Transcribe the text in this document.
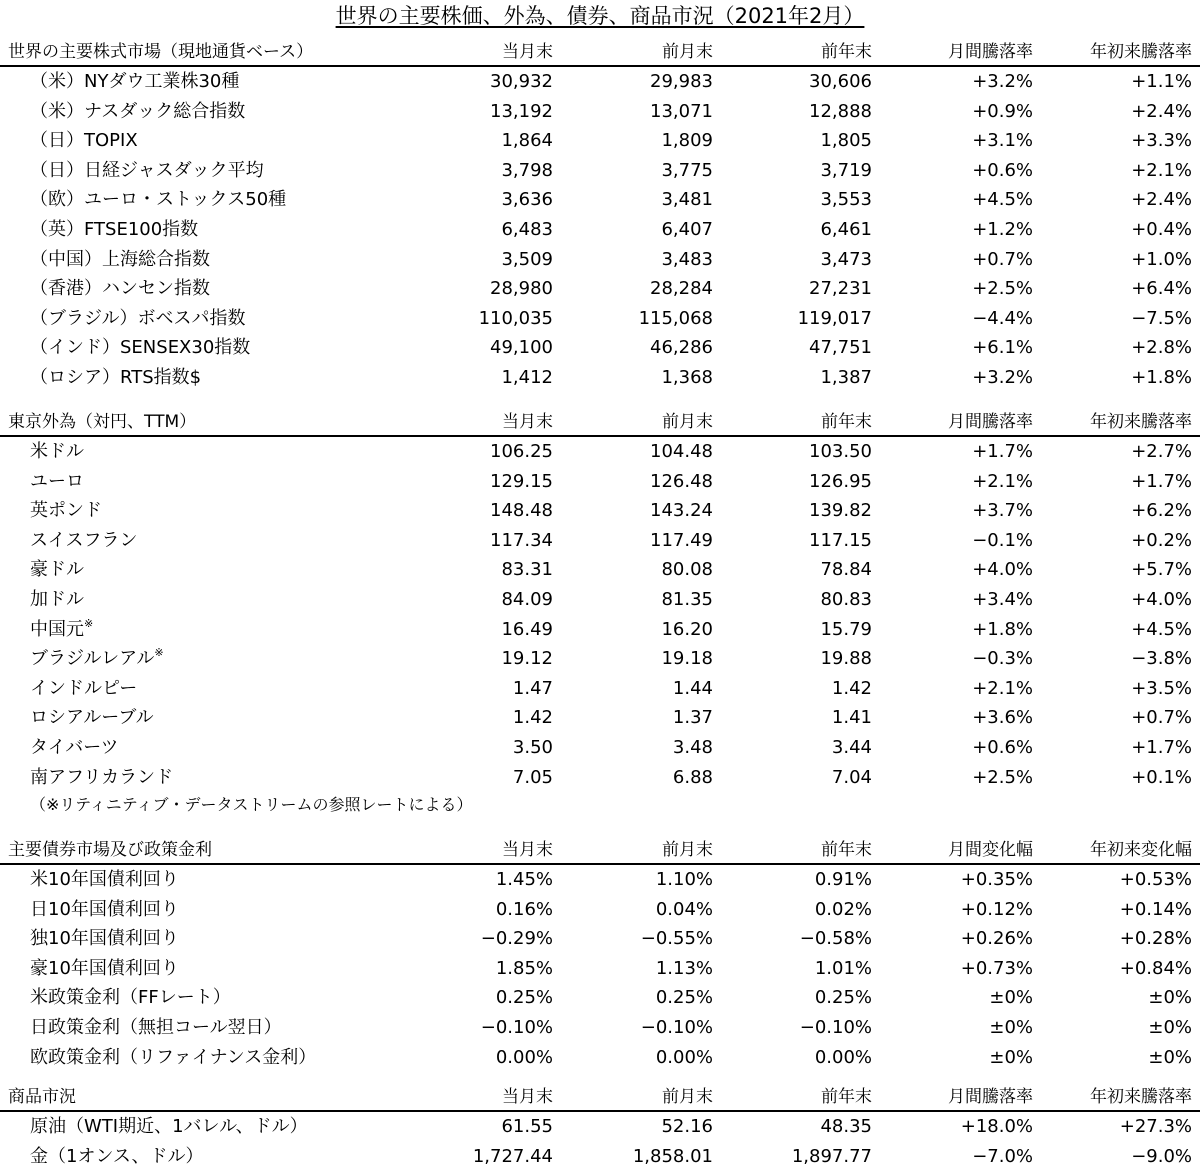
世界の主要株価、外為、債券、商品市況（2021年2月）
世界の主要株式市場（現地通貨ベース）	当月末	前月末	前年末	月間騰落率	年初来騰落率
（米）NYダウ工業株30種	30,932	29,983	30,606	+3.2%	+1.1%
（米）ナスダック総合指数	13,192	13,071	12,888	+0.9%	+2.4%
（日）TOPIX	1,864	1,809	1,805	+3.1%	+3.3%
（日）日経ジャスダック平均	3,798	3,775	3,719	+0.6%	+2.1%
（欧）ユーロ・ストックス50種	3,636	3,481	3,553	+4.5%	+2.4%
（英）FTSE100指数	6,483	6,407	6,461	+1.2%	+0.4%
（中国）上海総合指数	3,509	3,483	3,473	+0.7%	+1.0%
（香港）ハンセン指数	28,980	28,284	27,231	+2.5%	+6.4%
（ブラジル）ボベスパ指数	110,035	115,068	119,017	−4.4%	−7.5%
（インド）SENSEX30指数	49,100	46,286	47,751	+6.1%	+2.8%
（ロシア）RTS指数$	1,412	1,368	1,387	+3.2%	+1.8%
東京外為（対円、TTM）	当月末	前月末	前年末	月間騰落率	年初来騰落率
米ドル	106.25	104.48	103.50	+1.7%	+2.7%
ユーロ	129.15	126.48	126.95	+2.1%	+1.7%
英ポンド	148.48	143.24	139.82	+3.7%	+6.2%
スイスフラン	117.34	117.49	117.15	−0.1%	+0.2%
豪ドル	83.31	80.08	78.84	+4.0%	+5.7%
加ドル	84.09	81.35	80.83	+3.4%	+4.0%
中国元※	16.49	16.20	15.79	+1.8%	+4.5%
ブラジルレアル※	19.12	19.18	19.88	−0.3%	−3.8%
インドルピー	1.47	1.44	1.42	+2.1%	+3.5%
ロシアルーブル	1.42	1.37	1.41	+3.6%	+0.7%
タイバーツ	3.50	3.48	3.44	+0.6%	+1.7%
南アフリカランド	7.05	6.88	7.04	+2.5%	+0.1%
（※リティニティブ・データストリームの参照レートによる）
主要債券市場及び政策金利	当月末	前月末	前年末	月間変化幅	年初来変化幅
米10年国債利回り	1.45%	1.10%	0.91%	+0.35%	+0.53%
日10年国債利回り	0.16%	0.04%	0.02%	+0.12%	+0.14%
独10年国債利回り	−0.29%	−0.55%	−0.58%	+0.26%	+0.28%
豪10年国債利回り	1.85%	1.13%	1.01%	+0.73%	+0.84%
米政策金利（FFレート）	0.25%	0.25%	0.25%	±0%	±0%
日政策金利（無担コール翌日）	−0.10%	−0.10%	−0.10%	±0%	±0%
欧政策金利（リファイナンス金利）	0.00%	0.00%	0.00%	±0%	±0%
商品市況	当月末	前月末	前年末	月間騰落率	年初来騰落率
原油（WTI期近、1バレル、ドル）	61.55	52.16	48.35	+18.0%	+27.3%
金（1オンス、ドル）	1,727.44	1,858.01	1,897.77	−7.0%	−9.0%
